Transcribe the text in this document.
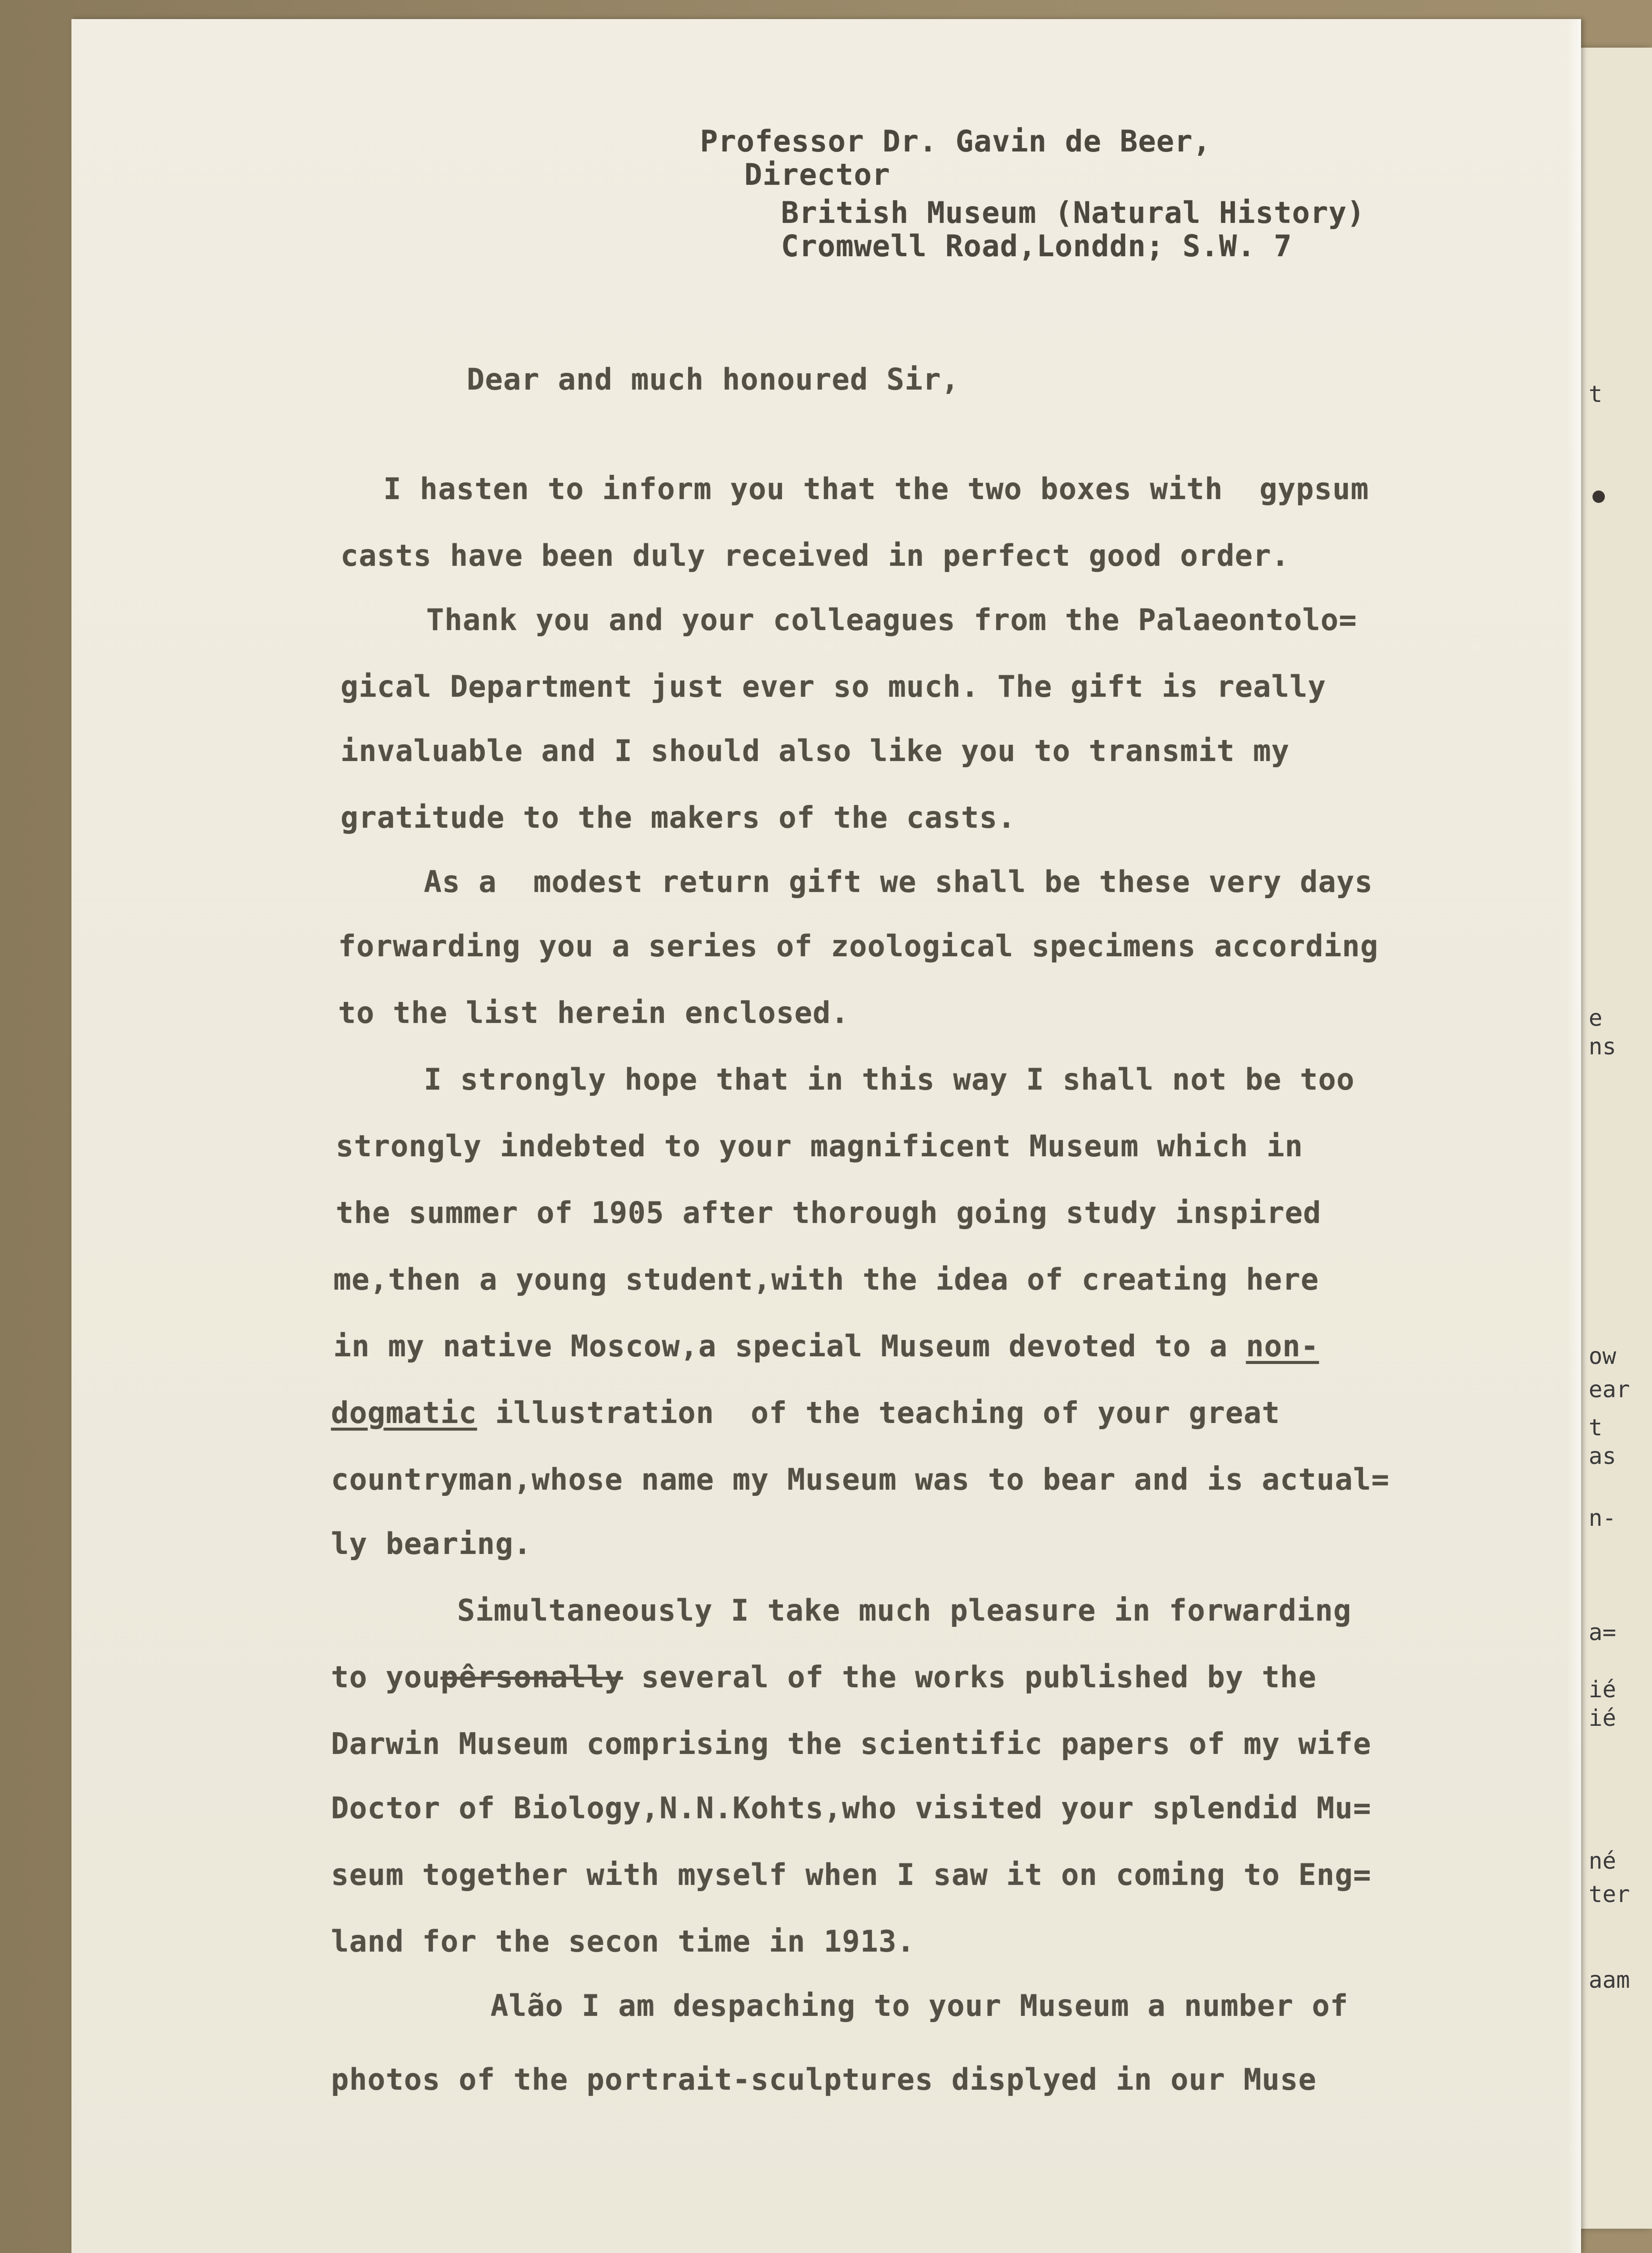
t
e
ns
ow
ear
t
as
n-
a=
ié
ié
né
ter
aam
Professor Dr. Gavin de Beer,
Director
British Museum (Natural History)
Cromwell Road,Londdn; S.W. 7
Dear and much honoured Sir,
I hasten to inform you that the two boxes with  gypsum
casts have been duly received in perfect good order.
Thank you and your colleagues from the Palaeontolo=
gical Department just ever so much. The gift is really
invaluable and I should also like you to transmit my
gratitude to the makers of the casts.
As a  modest return gift we shall be these very days
forwarding you a series of zoological specimens according
to the list herein enclosed.
I strongly hope that in this way I shall not be too
strongly indebted to your magnificent Museum which in
the summer of 1905 after thorough going study inspired
me,then a young student,with the idea of creating here
in my native Moscow,a special Museum devoted to a non-
dogmatic illustration  of the teaching of your great
countryman,whose name my Museum was to bear and is actual=
ly bearing.
Simultaneously I take much pleasure in forwarding
to youpêrsonally several of the works published by the
Darwin Museum comprising the scientific papers of my wife
Doctor of Biology,N.N.Kohts,who visited your splendid Mu=
seum together with myself when I saw it on coming to Eng=
land for the secon time in 1913.
Alão I am despaching to your Museum a number of
photos of the portrait-sculptures displyed in our Muse
